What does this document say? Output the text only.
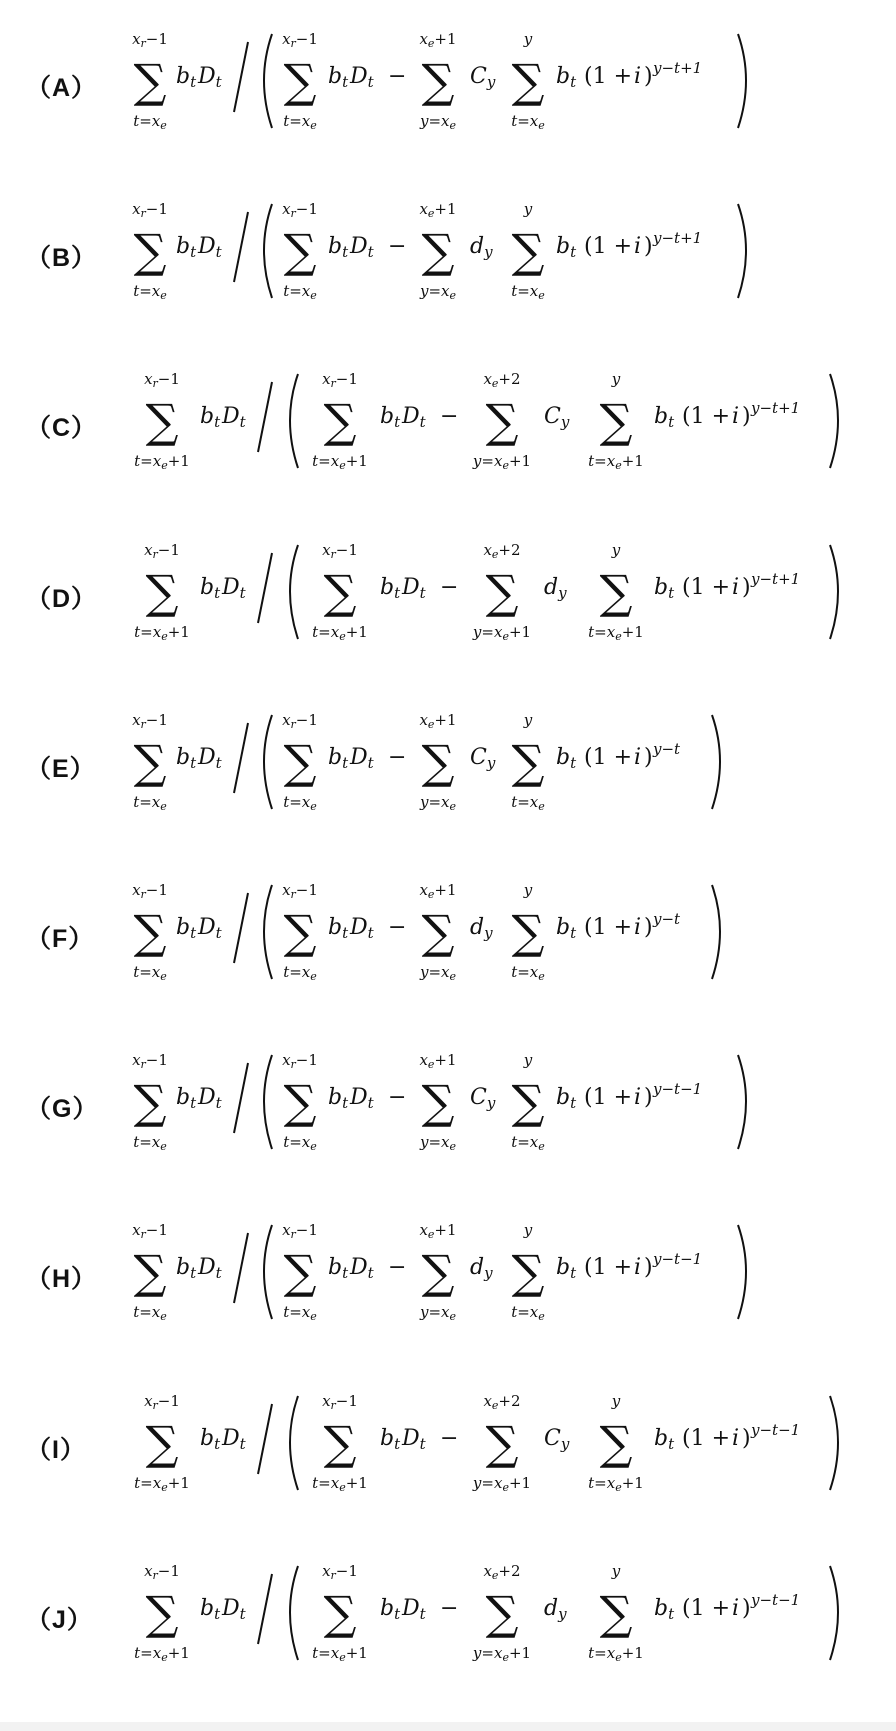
（A） ∑
$x_r-1$
$t=x_e$
bt Dt ∑
$x_r-1$
$t=x_e$
bt Dt − ∑
$x_e+1$
$y=x_e$
Cy ∑
y
$t=x_e$
bt (1 + i ) y−t+1
（B） ∑
$x_r-1$
$t=x_e$
bt Dt ∑
$x_r-1$
$t=x_e$
bt Dt − ∑
$x_e+1$
$y=x_e$
dy ∑
y
$t=x_e$
bt (1 + i ) y−t+1
（C） ∑
$x_r-1$
$t=x_e+1$
bt Dt ∑
$x_r-1$
$t=x_e+1$
bt Dt − ∑
$x_e+2$
$y=x_e+1$
Cy ∑
y
$t=x_e+1$
bt (1 + i ) y−t+1
（D） ∑
$x_r-1$
$t=x_e+1$
bt Dt ∑
$x_r-1$
$t=x_e+1$
bt Dt − ∑
$x_e+2$
$y=x_e+1$
dy ∑
y
$t=x_e+1$
bt (1 + i ) y−t+1
（E） ∑
$x_r-1$
$t=x_e$
bt Dt ∑
$x_r-1$
$t=x_e$
bt Dt − ∑
$x_e+1$
$y=x_e$
Cy ∑
y
$t=x_e$
bt (1 + i ) y−t
（F） ∑
$x_r-1$
$t=x_e$
bt Dt ∑
$x_r-1$
$t=x_e$
bt Dt − ∑
$x_e+1$
$y=x_e$
dy ∑
y
$t=x_e$
bt (1 + i ) y−t
（G） ∑
$x_r-1$
$t=x_e$
bt Dt ∑
$x_r-1$
$t=x_e$
bt Dt − ∑
$x_e+1$
$y=x_e$
Cy ∑
y
$t=x_e$
bt (1 + i ) y−t−1
（H） ∑
$x_r-1$
$t=x_e$
bt Dt ∑
$x_r-1$
$t=x_e$
bt Dt − ∑
$x_e+1$
$y=x_e$
dy ∑
y
$t=x_e$
bt (1 + i ) y−t−1
（I） ∑
$x_r-1$
$t=x_e+1$
bt Dt ∑
$x_r-1$
$t=x_e+1$
bt Dt − ∑
$x_e+2$
$y=x_e+1$
Cy ∑
y
$t=x_e+1$
bt (1 + i ) y−t−1
（J） ∑
$x_r-1$
$t=x_e+1$
bt Dt ∑
$x_r-1$
$t=x_e+1$
bt Dt − ∑
$x_e+2$
$y=x_e+1$
dy ∑
y
$t=x_e+1$
bt (1 + i ) y−t−1
